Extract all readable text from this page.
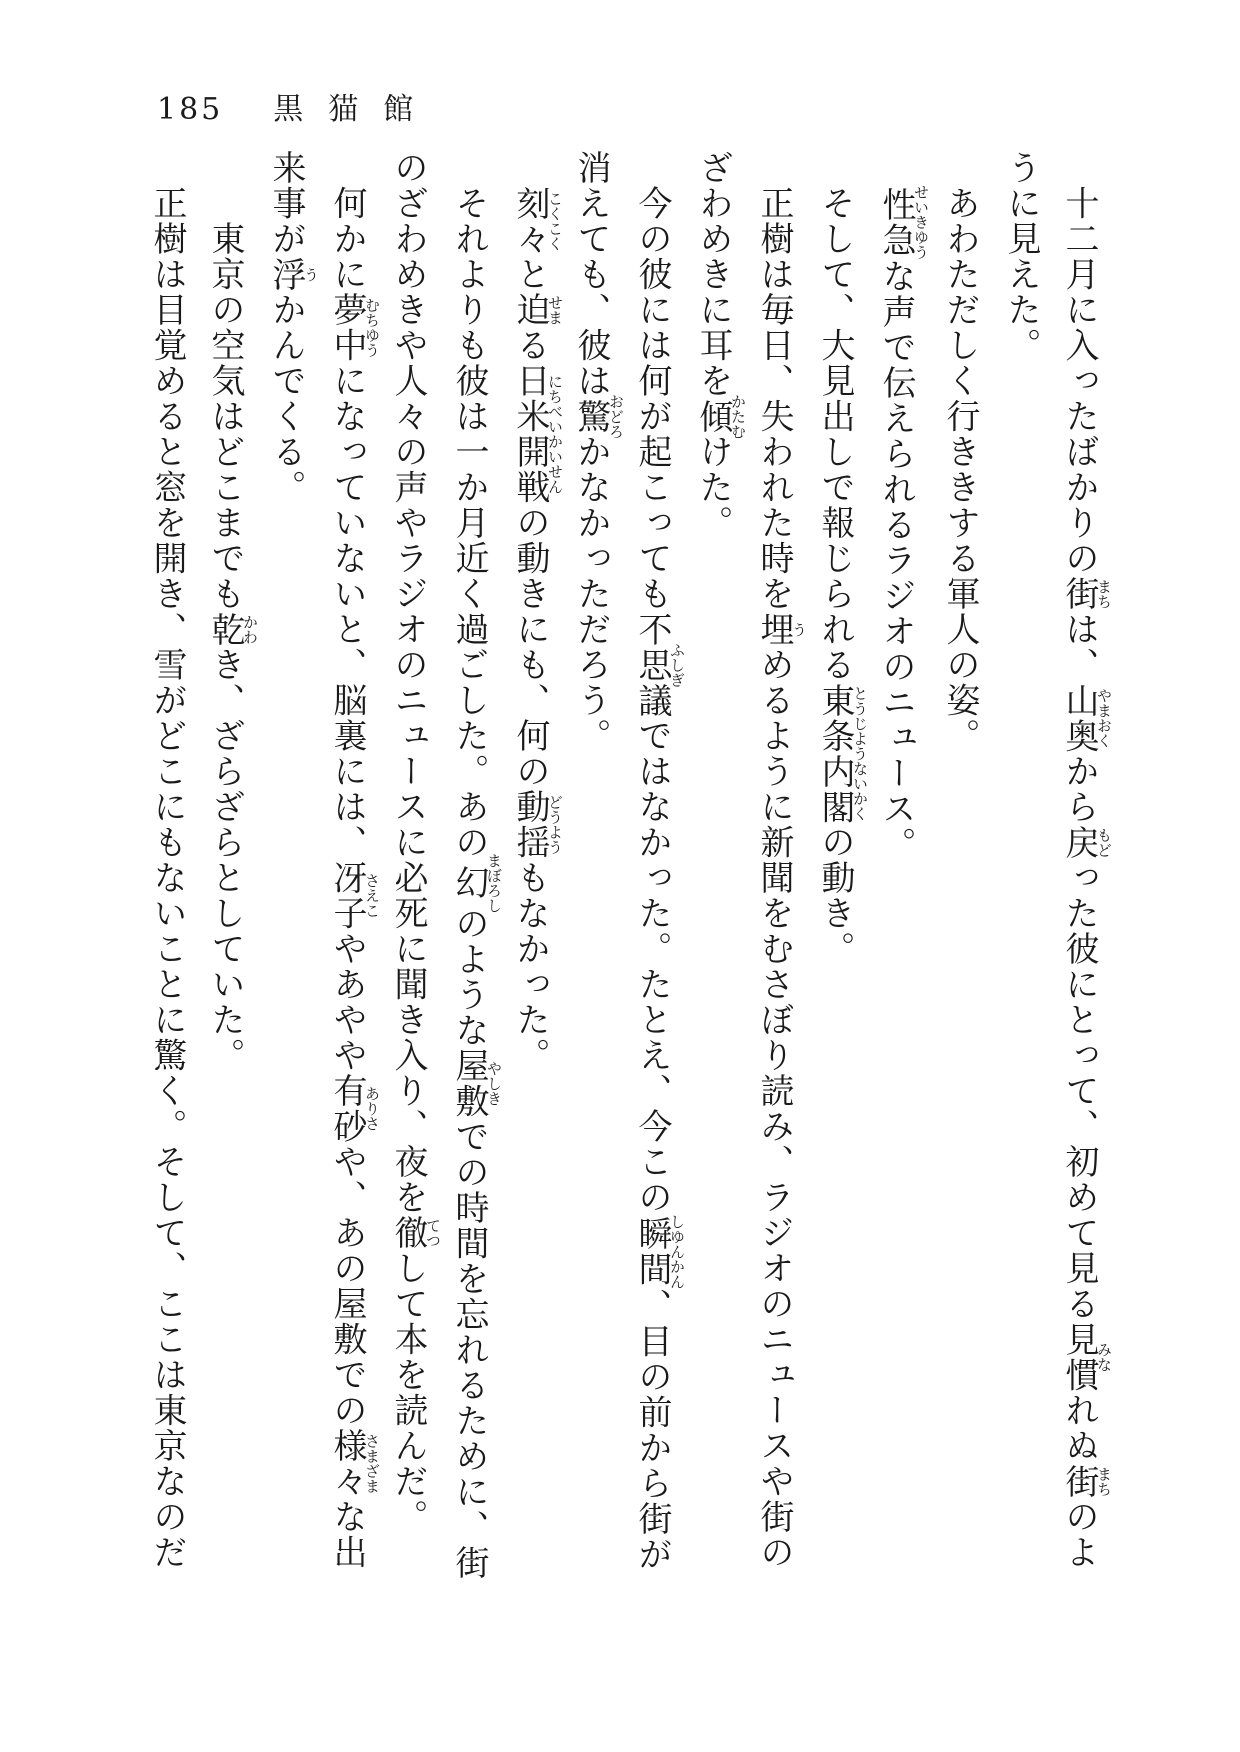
185 黒猫館
　十二月に入ったばかりの街まちは、山奥やまおくから戻もどった彼にとって、初めて見る見慣みなれぬ街まちのよ
うに見えた。
　あわただしく行ききする軍人の姿。
　性急せいきゆうな声で伝えられるラジオのニュース。
　そして、大見出しで報じられる東条内閣とうじようないかくの動き。
　正樹は毎日、失われた時を埋うめるように新聞をむさぼり読み、ラジオのニュースや街の
ざわめきに耳を傾かたむけた。
　今の彼には何が起こっても不思議ふしぎではなかった。たとえ、今この瞬間しゆんかん、目の前から街が
消えても、彼は驚おどろかなかっただろう。
　刻々こくこくと迫せまる日米開戦にちべいかいせんの動きにも、何の動揺どうようもなかった。
　それよりも彼は一か月近く過ごした。あの幻まぼろしのような屋敷やしきでの時間を忘れるために、街
のざわめきや人々の声やラジオのニュースに必死に聞き入り、夜を徹てつして本を読んだ。
　何かに夢中むちゆうになっていないと、脳裏には、冴子さえこやあやや有砂ありさや、あの屋敷での様々さまざまな出
来事が浮うかんでくる。
　　東京の空気はどこまでも乾かわき、ざらざらとしていた。
　正樹は目覚めると窓を開き、雪がどこにもないことに驚く。そして、ここは東京なのだ
